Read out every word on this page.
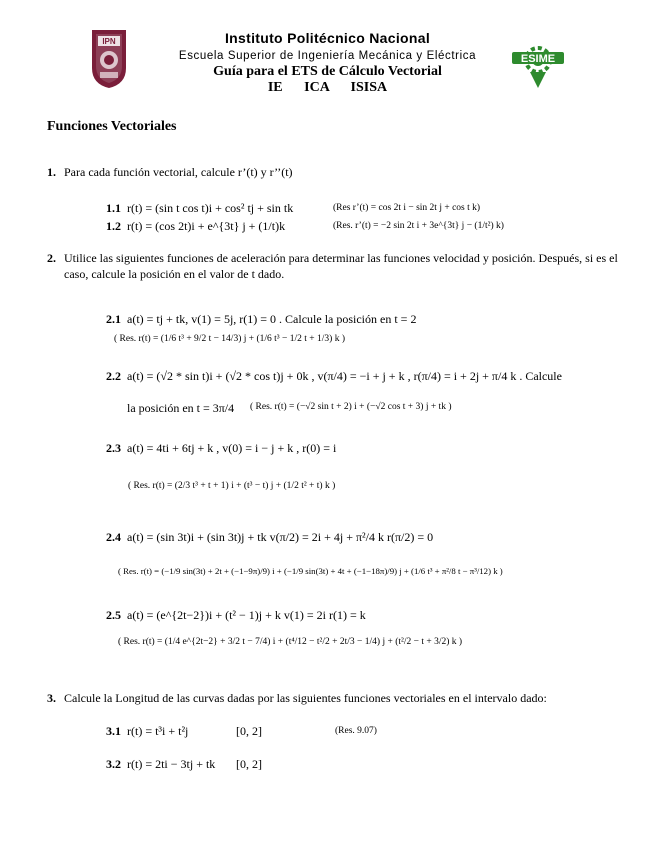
IPN
ESIME
Instituto Politécnico Nacional
Escuela Superior de Ingeniería Mecánica y Eléctrica
Guía para el ETS de Cálculo Vectorial
IE ICA ISISA
Funciones Vectoriales
1. Para cada función vectorial, calcule r’(t) y r’’(t)
1.1 r(t) = (sin t cos t)i + cos² tj + sin tk	(Res r’(t) = cos 2t i − sin 2t j + cos t k)
1.2 r(t) = (cos 2t)i + e^{3t} j + (1/t)k	(Res. r’(t) = −2 sin 2t i + 3e^{3t} j − (1/t²) k)
2. Utilice las siguientes funciones de aceleración para determinar las funciones velocidad y posición. Después, si es el caso, calcule la posición en el valor de t dado.
2.1 a(t) = tj + tk, v(1) = 5j, r(1) = 0 . Calcule la posición en t = 2
( Res. r(t) = (1/6 t³ + 9/2 t − 14/3) j + (1/6 t³ − 1/2 t + 1/3) k )
2.2 a(t) = (√2 * sin t)i + (√2 * cos t)j + 0k , v(π/4) = −i + j + k , r(π/4) = i + 2j + π/4 k . Calcule
la posición en t = 3π/4 ( Res. r(t) = (−√2 sin t + 2) i + (−√2 cos t + 3) j + tk )
2.3 a(t) = 4ti + 6tj + k , v(0) = i − j + k , r(0) = i
( Res. r(t) = (2/3 t³ + t + 1) i + (t³ − t) j + (1/2 t² + t) k )
2.4 a(t) = (sin 3t)i + (sin 3t)j + tk v(π/2) = 2i + 4j + π²/4 k r(π/2) = 0
( Res. r(t) = (−1/9 sin(3t) + 2t + (−1−9π)/9) i + (−1/9 sin(3t) + 4t + (−1−18π)/9) j + (1/6 t³ + π²/8 t − π³/12) k )
2.5 a(t) = (e^{2t−2})i + (t² − 1)j + k v(1) = 2i r(1) = k
( Res. r(t) = (1/4 e^{2t−2} + 3/2 t − 7/4) i + (t⁴/12 − t²/2 + 2t/3 − 1/4) j + (t²/2 − t + 3/2) k )
3. Calcule la Longitud de las curvas dadas por las siguientes funciones vectoriales en el intervalo dado:
3.1 r(t) = t³i + t²j	[0, 2]	(Res. 9.07)
3.2 r(t) = 2ti − 3tj + tk [0, 2]
